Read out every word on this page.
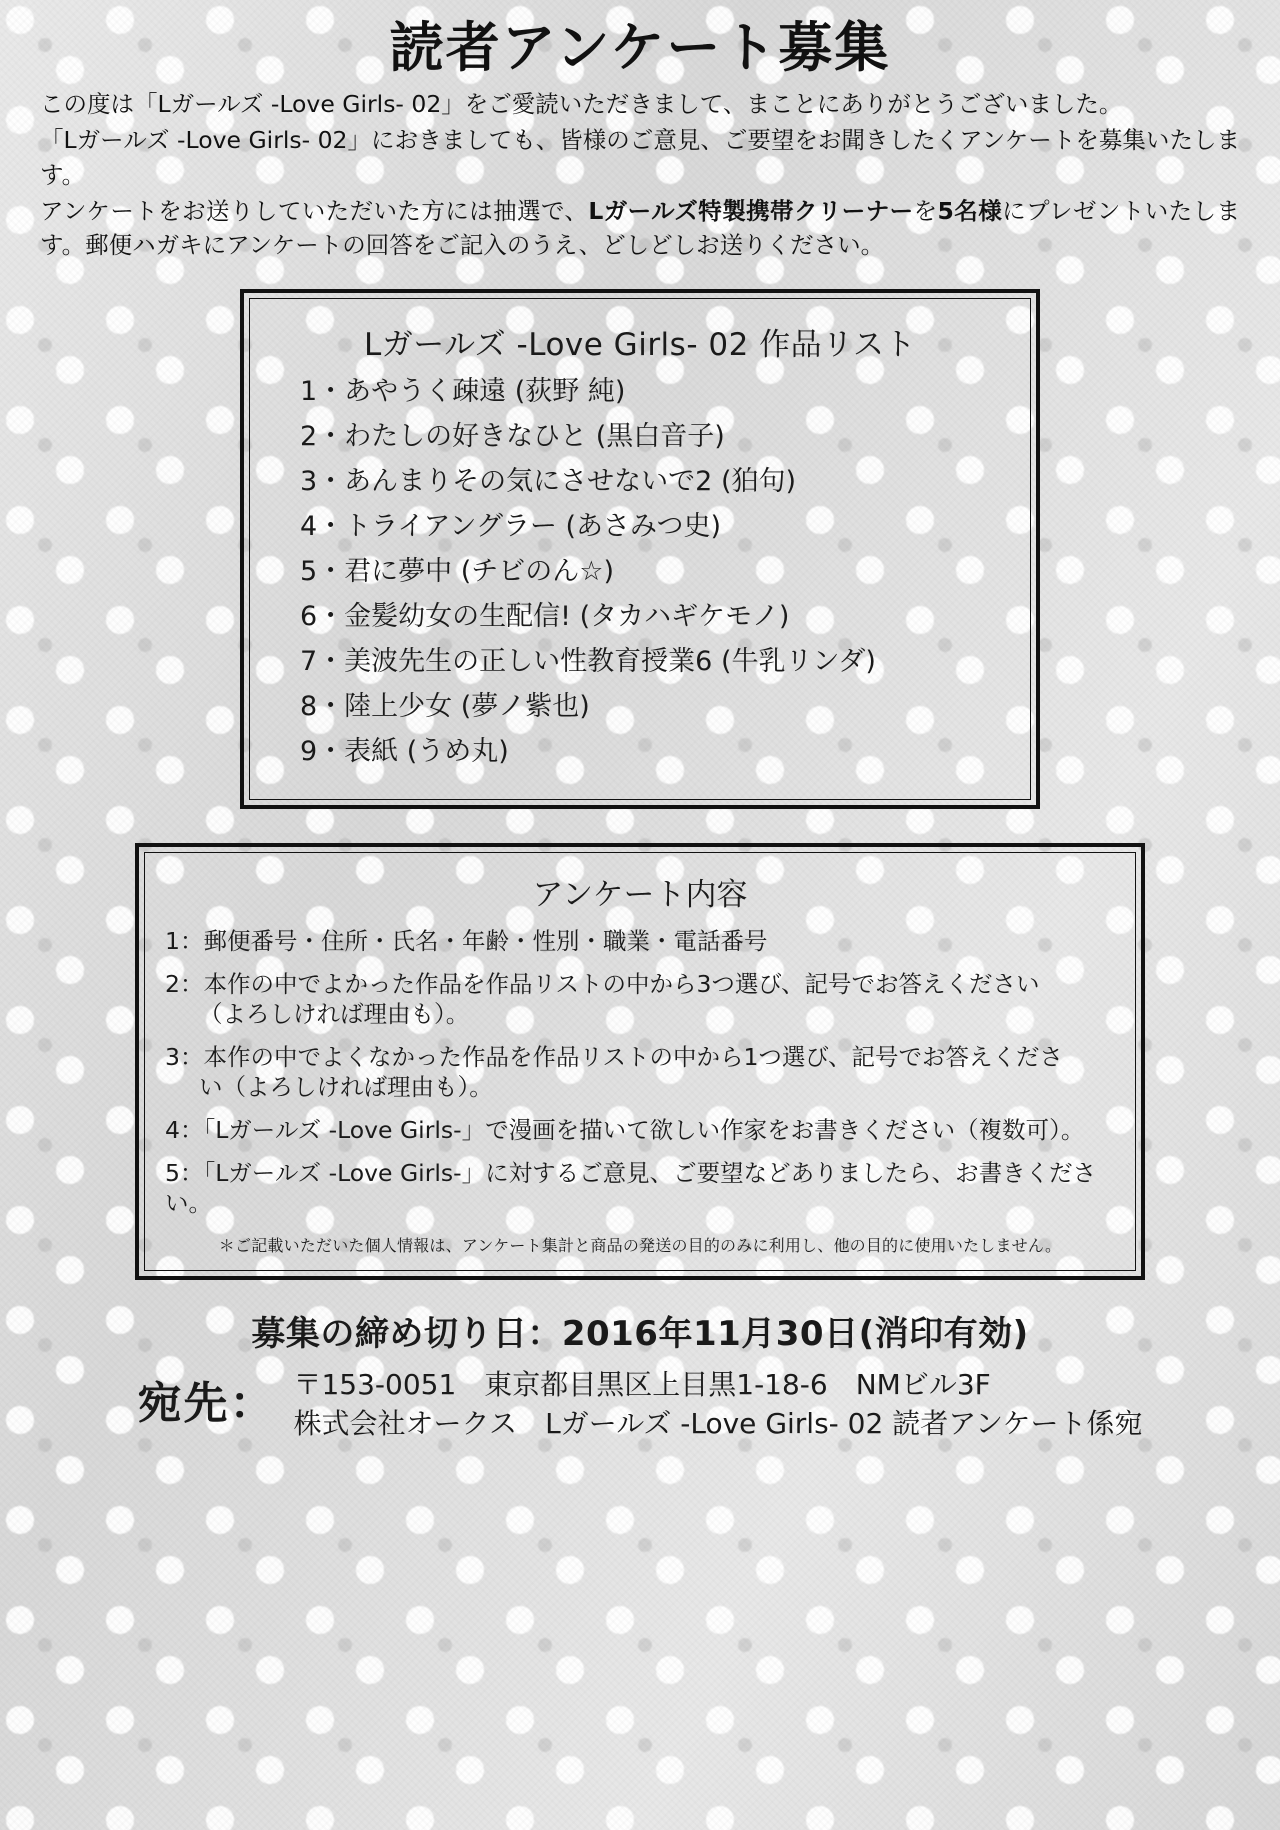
読者アンケート募集

この度は「Lガールズ -Love Girls- 02」をご愛読いただきまして、まことにありがとうございました。

「Lガールズ -Love Girls- 02」におきましても、皆様のご意見、ご要望をお聞きしたくアンケートを募集いたします。

アンケートをお送りしていただいた方には抽選で、Lガールズ特製携帯クリーナーを5名様にプレゼントいたします。郵便ハガキにアンケートの回答をご記入のうえ、どしどしお送りください。

Lガールズ -Love Girls- 02 作品リスト
1・あやうく疎遠 (荻野 純)
2・わたしの好きなひと (黒白音子)
3・あんまりその気にさせないで2 (狛句)
4・トライアングラー (あさみつ史)
5・君に夢中 (チビのん☆)
6・金髪幼女の生配信! (タカハギケモノ)
7・美波先生の正しい性教育授業6 (牛乳リンダ)
8・陸上少女 (夢ノ紫也)
9・表紙 (うめ丸)
アンケート内容
1：郵便番号・住所・氏名・年齢・性別・職業・電話番号
2：本作の中でよかった作品を作品リストの中から3つ選び、記号でお答えください
（よろしければ理由も）。
3：本作の中でよくなかった作品を作品リストの中から1つ選び、記号でお答えくださ
い（よろしければ理由も）。
4：「Lガールズ -Love Girls-」で漫画を描いて欲しい作家をお書きください（複数可）。
5：「Lガールズ -Love Girls-」に対するご意見、ご要望などありましたら、お書きください。
＊ご記載いただいた個人情報は、アンケート集計と商品の発送の目的のみに利用し、他の目的に使用いたしません。
募集の締め切り日：2016年11月30日(消印有効)
宛先： 〒153-0051　東京都目黒区上目黒1-18-6　NMビル3F
株式会社オークス　Lガールズ -Love Girls- 02 読者アンケート係宛
